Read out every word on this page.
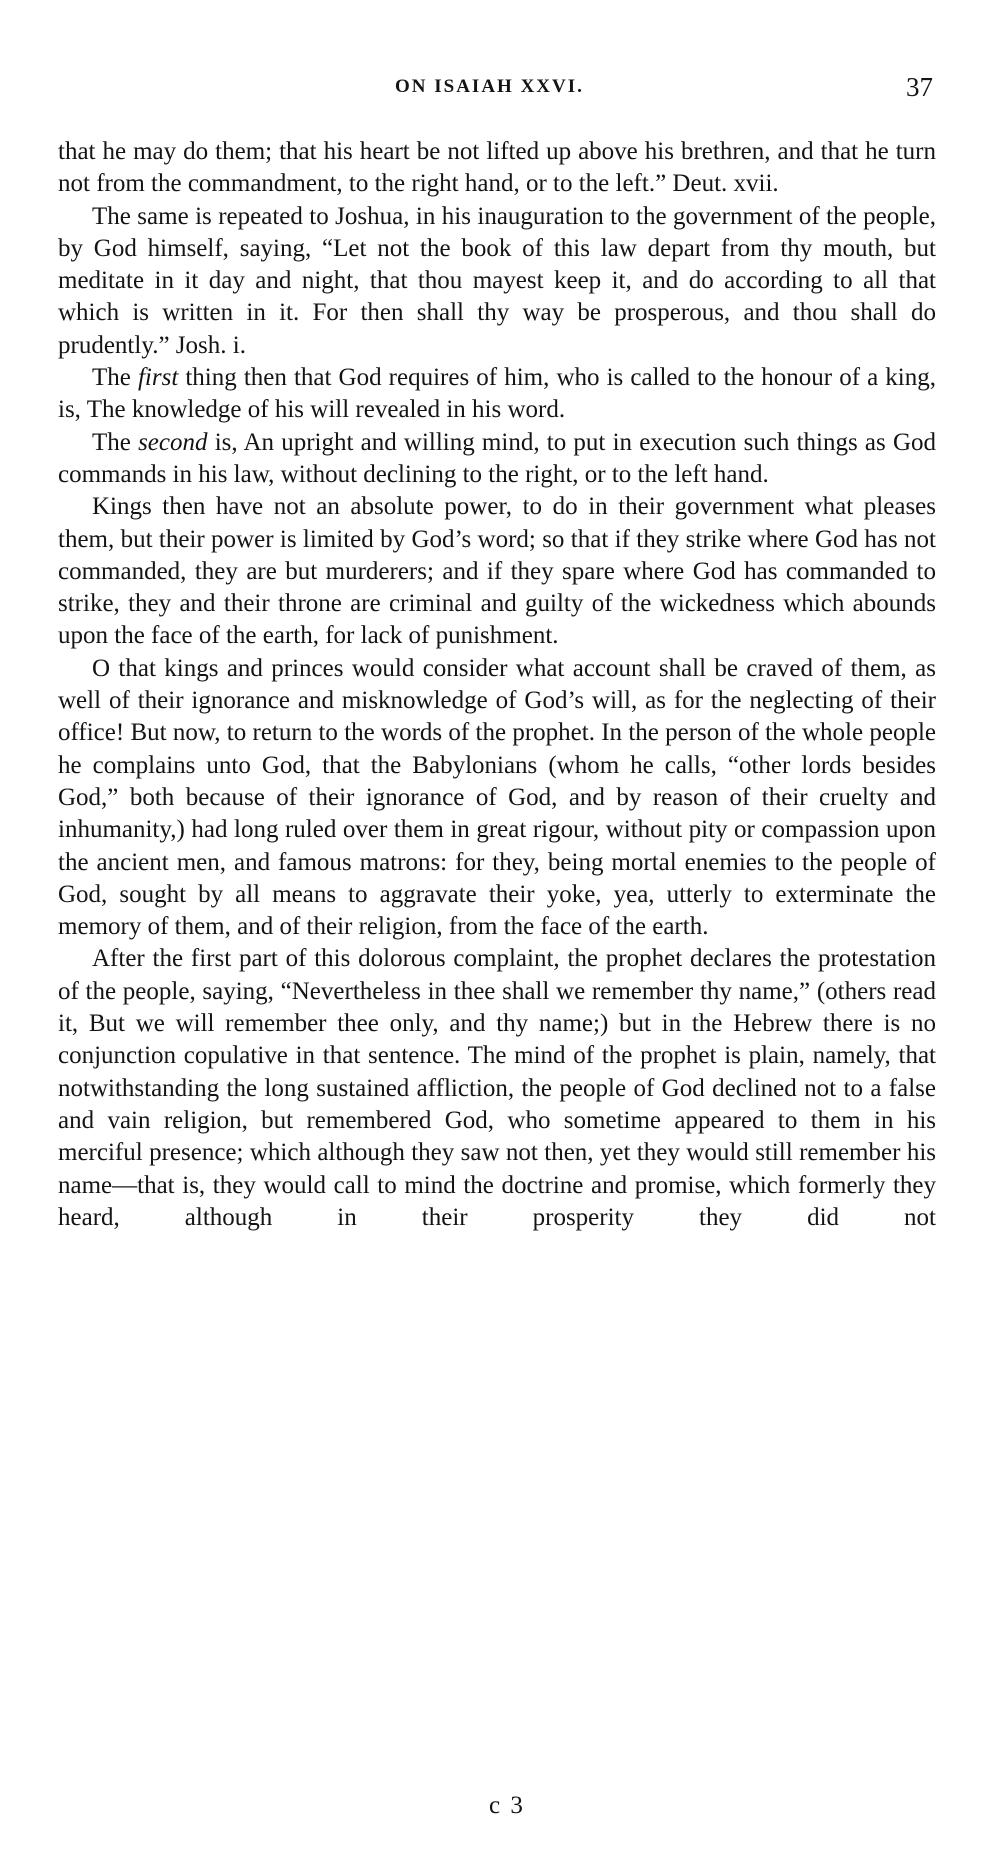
ON ISAIAH XXVI.	37

that he may do them; that his heart be not lifted up above his brethren, and that he turn not from the commandment, to the right hand, or to the left.” Deut. xvii.

The same is repeated to Joshua, in his inauguration to the government of the people, by God himself, saying, “Let not the book of this law depart from thy mouth, but meditate in it day and night, that thou mayest keep it, and do according to all that which is written in it. For then shall thy way be prosperous, and thou shall do prudently.” Josh. i.

The first thing then that God requires of him, who is called to the honour of a king, is, The knowledge of his will revealed in his word.

The second is, An upright and willing mind, to put in execution such things as God commands in his law, without declining to the right, or to the left hand.

Kings then have not an absolute power, to do in their government what pleases them, but their power is limited by God’s word; so that if they strike where God has not commanded, they are but murderers; and if they spare where God has commanded to strike, they and their throne are criminal and guilty of the wickedness which abounds upon the face of the earth, for lack of punishment.

O that kings and princes would consider what account shall be craved of them, as well of their ignorance and misknowledge of God’s will, as for the neglecting of their office! But now, to return to the words of the prophet. In the person of the whole people he complains unto God, that the Babylonians (whom he calls, “other lords besides God,” both because of their ignorance of God, and by reason of their cruelty and inhumanity,) had long ruled over them in great rigour, without pity or compassion upon the ancient men, and famous matrons: for they, being mortal enemies to the people of God, sought by all means to aggravate their yoke, yea, utterly to exterminate the memory of them, and of their religion, from the face of the earth.

After the first part of this dolorous complaint, the prophet declares the protestation of the people, saying, “Nevertheless in thee shall we remember thy name,” (others read it, But we will remember thee only, and thy name;) but in the Hebrew there is no conjunction copulative in that sentence. The mind of the prophet is plain, namely, that notwithstanding the long sustained affliction, the people of God declined not to a false and vain religion, but remembered God, who sometime appeared to them in his merciful presence; which although they saw not then, yet they would still remember his name—that is, they would call to mind the doctrine and promise, which formerly they heard, although in their prosperity they did not

c 3
